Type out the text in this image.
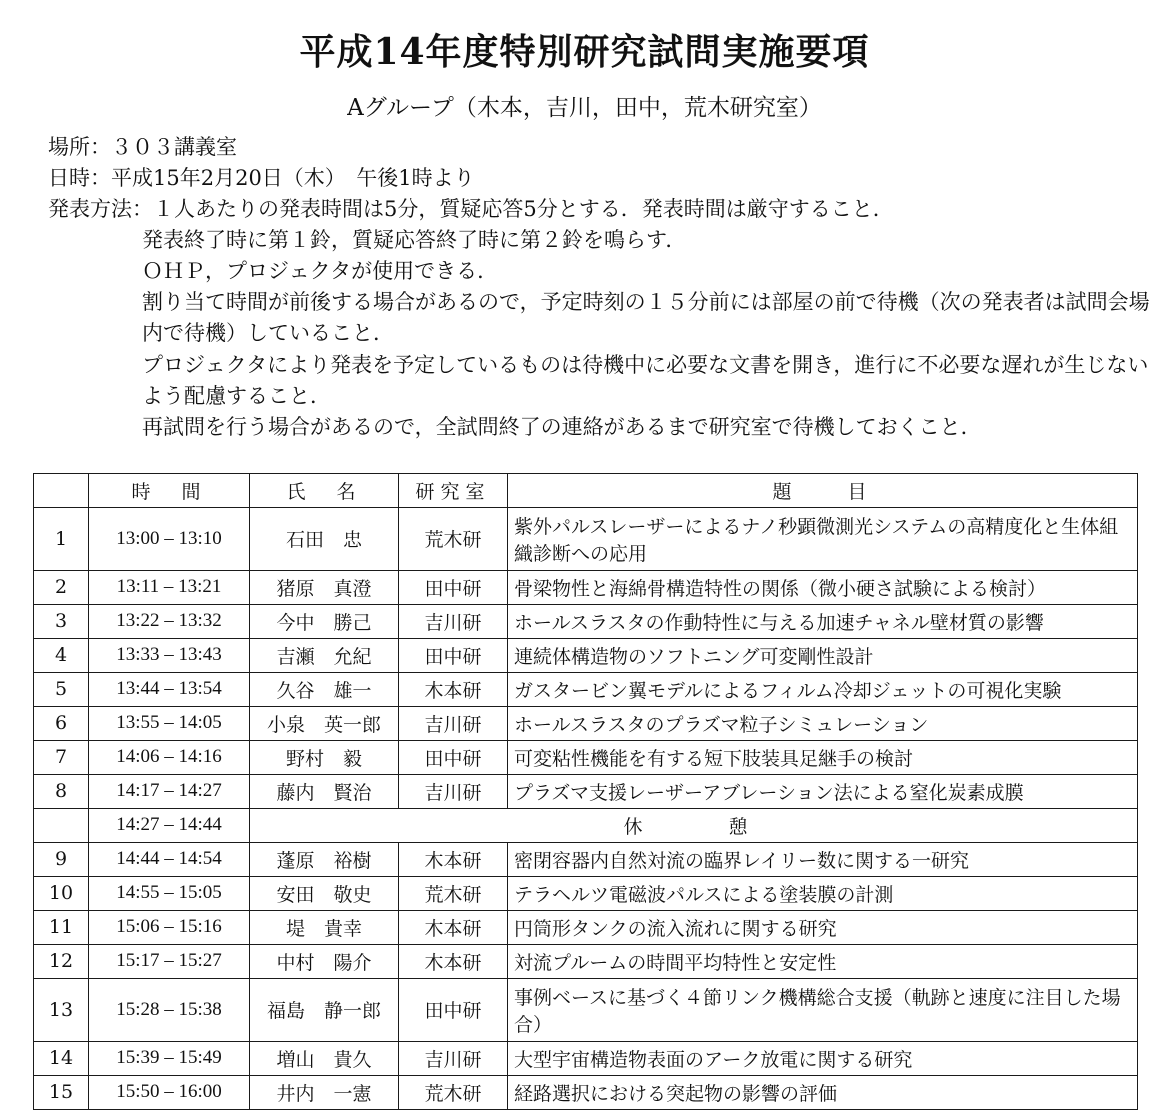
平成14年度特別研究試問実施要項
Aグループ（木本，吉川，田中，荒木研究室）
場所：３０３講義室
日時：平成15年2月20日（木）　午後1時より
発表方法：１人あたりの発表時間は5分，質疑応答5分とする．発表時間は厳守すること．
発表終了時に第１鈴，質疑応答終了時に第２鈴を鳴らす．
ＯＨＰ，プロジェクタが使用できる．
割り当て時間が前後する場合があるので，予定時刻の１５分前には部屋の前で待機（次の発表者は試問会場内で待機）していること．
プロジェクタにより発表を予定しているものは待機中に必要な文書を開き，進行に不必要な遅れが生じないよう配慮すること．
再試問を行う場合があるので，全試問終了の連絡があるまで研究室で待機しておくこと．
	時　間	氏　名	研究室	題　　目
1	13:00 – 13:10	石田　忠	荒木研	紫外パルスレーザーによるナノ秒顕微測光システムの高精度化と生体組織診断への応用
2	13:11 – 13:21	猪原　真澄	田中研	骨梁物性と海綿骨構造特性の関係（微小硬さ試験による検討）
3	13:22 – 13:32	今中　勝己	吉川研	ホールスラスタの作動特性に与える加速チャネル壁材質の影響
4	13:33 – 13:43	吉瀬　允紀	田中研	連続体構造物のソフトニング可変剛性設計
5	13:44 – 13:54	久谷　雄一	木本研	ガスタービン翼モデルによるフィルム冷却ジェットの可視化実験
6	13:55 – 14:05	小泉　英一郎	吉川研	ホールスラスタのプラズマ粒子シミュレーション
7	14:06 – 14:16	野村　毅	田中研	可変粘性機能を有する短下肢装具足継手の検討
8	14:17 – 14:27	藤内　賢治	吉川研	プラズマ支援レーザーアブレーション法による窒化炭素成膜
	14:27 – 14:44	休　　憩		
9	14:44 – 14:54	蓬原　裕樹	木本研	密閉容器内自然対流の臨界レイリー数に関する一研究
10	14:55 – 15:05	安田　敬史	荒木研	テラヘルツ電磁波パルスによる塗装膜の計測
11	15:06 – 15:16	堤　貴幸	木本研	円筒形タンクの流入流れに関する研究
12	15:17 – 15:27	中村　陽介	木本研	対流プルームの時間平均特性と安定性
13	15:28 – 15:38	福島　静一郎	田中研	事例ベースに基づく４節リンク機構総合支援（軌跡と速度に注目した場合）
14	15:39 – 15:49	増山　貴久	吉川研	大型宇宙構造物表面のアーク放電に関する研究
15	15:50 – 16:00	井内　一憲	荒木研	経路選択における突起物の影響の評価
